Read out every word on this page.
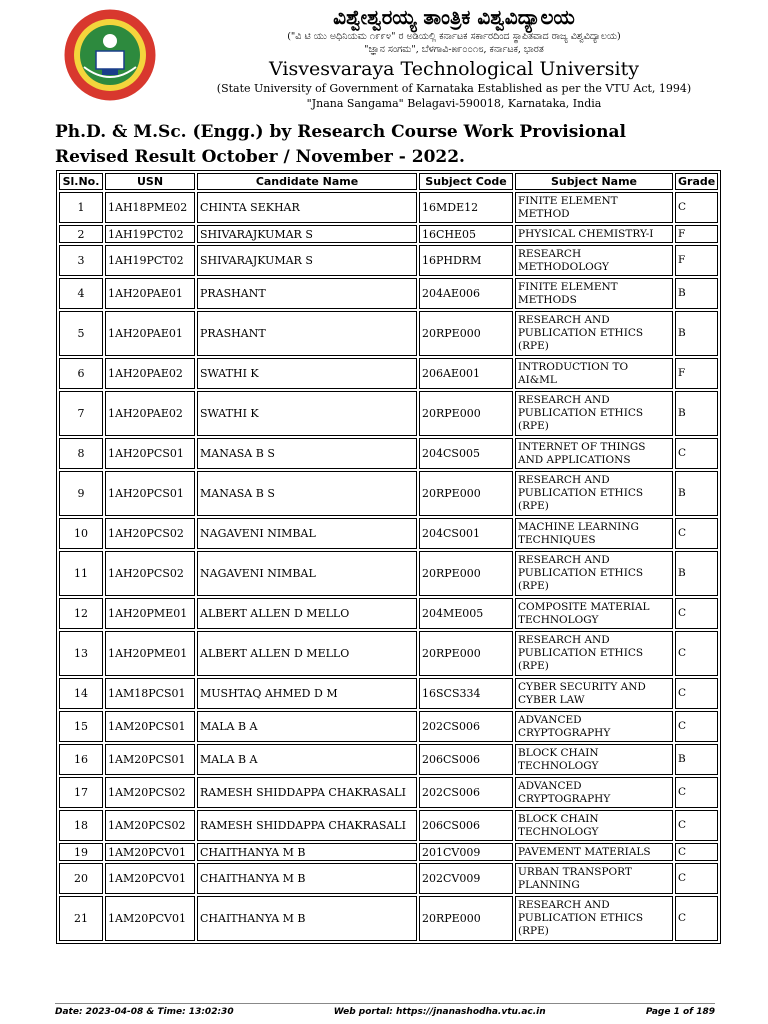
ವಿಶ್ವೇಶ್ವರಯ್ಯ ತಾಂತ್ರಿಕ ವಿಶ್ವವಿದ್ಯಾಲಯ
("ವಿ ಟಿ ಯು ಅಧಿನಿಯಮ ೧೯೯೪" ರ ಅಡಿಯಲ್ಲಿ ಕರ್ನಾಟಕ ಸರ್ಕಾರದಿಂದ ಸ್ಥಾಪಿತವಾದ ರಾಜ್ಯ ವಿಶ್ವವಿದ್ಯಾಲಯ)
"ಜ್ಞಾನ ಸಂಗಮ", ಬೆಳಗಾವಿ-೫೯೦೦೧೮, ಕರ್ನಾಟಕ, ಭಾರತ
Visvesvaraya Technological University
(State University of Government of Karnataka Established as per the VTU Act, 1994)
"Jnana Sangama" Belagavi-590018, Karnataka, India
Ph.D. & M.Sc. (Engg.) by Research Course Work Provisional
Revised Result October / November - 2022.
Sl.No.	USN	Candidate Name	Subject Code	Subject Name	Grade
1	1AH18PME02	CHINTA SEKHAR	16MDE12	FINITE ELEMENT METHOD	C
2	1AH19PCT02	SHIVARAJKUMAR S	16CHE05	PHYSICAL CHEMISTRY-I	F
3	1AH19PCT02	SHIVARAJKUMAR S	16PHDRM	RESEARCH METHODOLOGY	F
4	1AH20PAE01	PRASHANT	204AE006	FINITE ELEMENT METHODS	B
5	1AH20PAE01	PRASHANT	20RPE000	RESEARCH AND PUBLICATION ETHICS (RPE)	B
6	1AH20PAE02	SWATHI K	206AE001	INTRODUCTION TO AI&ML	F
7	1AH20PAE02	SWATHI K	20RPE000	RESEARCH AND PUBLICATION ETHICS (RPE)	B
8	1AH20PCS01	MANASA B S	204CS005	INTERNET OF THINGS AND APPLICATIONS	C
9	1AH20PCS01	MANASA B S	20RPE000	RESEARCH AND PUBLICATION ETHICS (RPE)	B
10	1AH20PCS02	NAGAVENI NIMBAL	204CS001	MACHINE LEARNING TECHNIQUES	C
11	1AH20PCS02	NAGAVENI NIMBAL	20RPE000	RESEARCH AND PUBLICATION ETHICS (RPE)	B
12	1AH20PME01	ALBERT ALLEN D MELLO	204ME005	COMPOSITE MATERIAL TECHNOLOGY	C
13	1AH20PME01	ALBERT ALLEN D MELLO	20RPE000	RESEARCH AND PUBLICATION ETHICS (RPE)	C
14	1AM18PCS01	MUSHTAQ AHMED D M	16SCS334	CYBER SECURITY AND CYBER LAW	C
15	1AM20PCS01	MALA B A	202CS006	ADVANCED CRYPTOGRAPHY	C
16	1AM20PCS01	MALA B A	206CS006	BLOCK CHAIN TECHNOLOGY	B
17	1AM20PCS02	RAMESH SHIDDAPPA CHAKRASALI	202CS006	ADVANCED CRYPTOGRAPHY	C
18	1AM20PCS02	RAMESH SHIDDAPPA CHAKRASALI	206CS006	BLOCK CHAIN TECHNOLOGY	C
19	1AM20PCV01	CHAITHANYA M B	201CV009	PAVEMENT MATERIALS	C
20	1AM20PCV01	CHAITHANYA M B	202CV009	URBAN TRANSPORT PLANNING	C
21	1AM20PCV01	CHAITHANYA M B	20RPE000	RESEARCH AND PUBLICATION ETHICS (RPE)	C
Date: 2023-04-08 & Time: 13:02:30	Web portal: https://jnanashodha.vtu.ac.in	Page 1 of 189
